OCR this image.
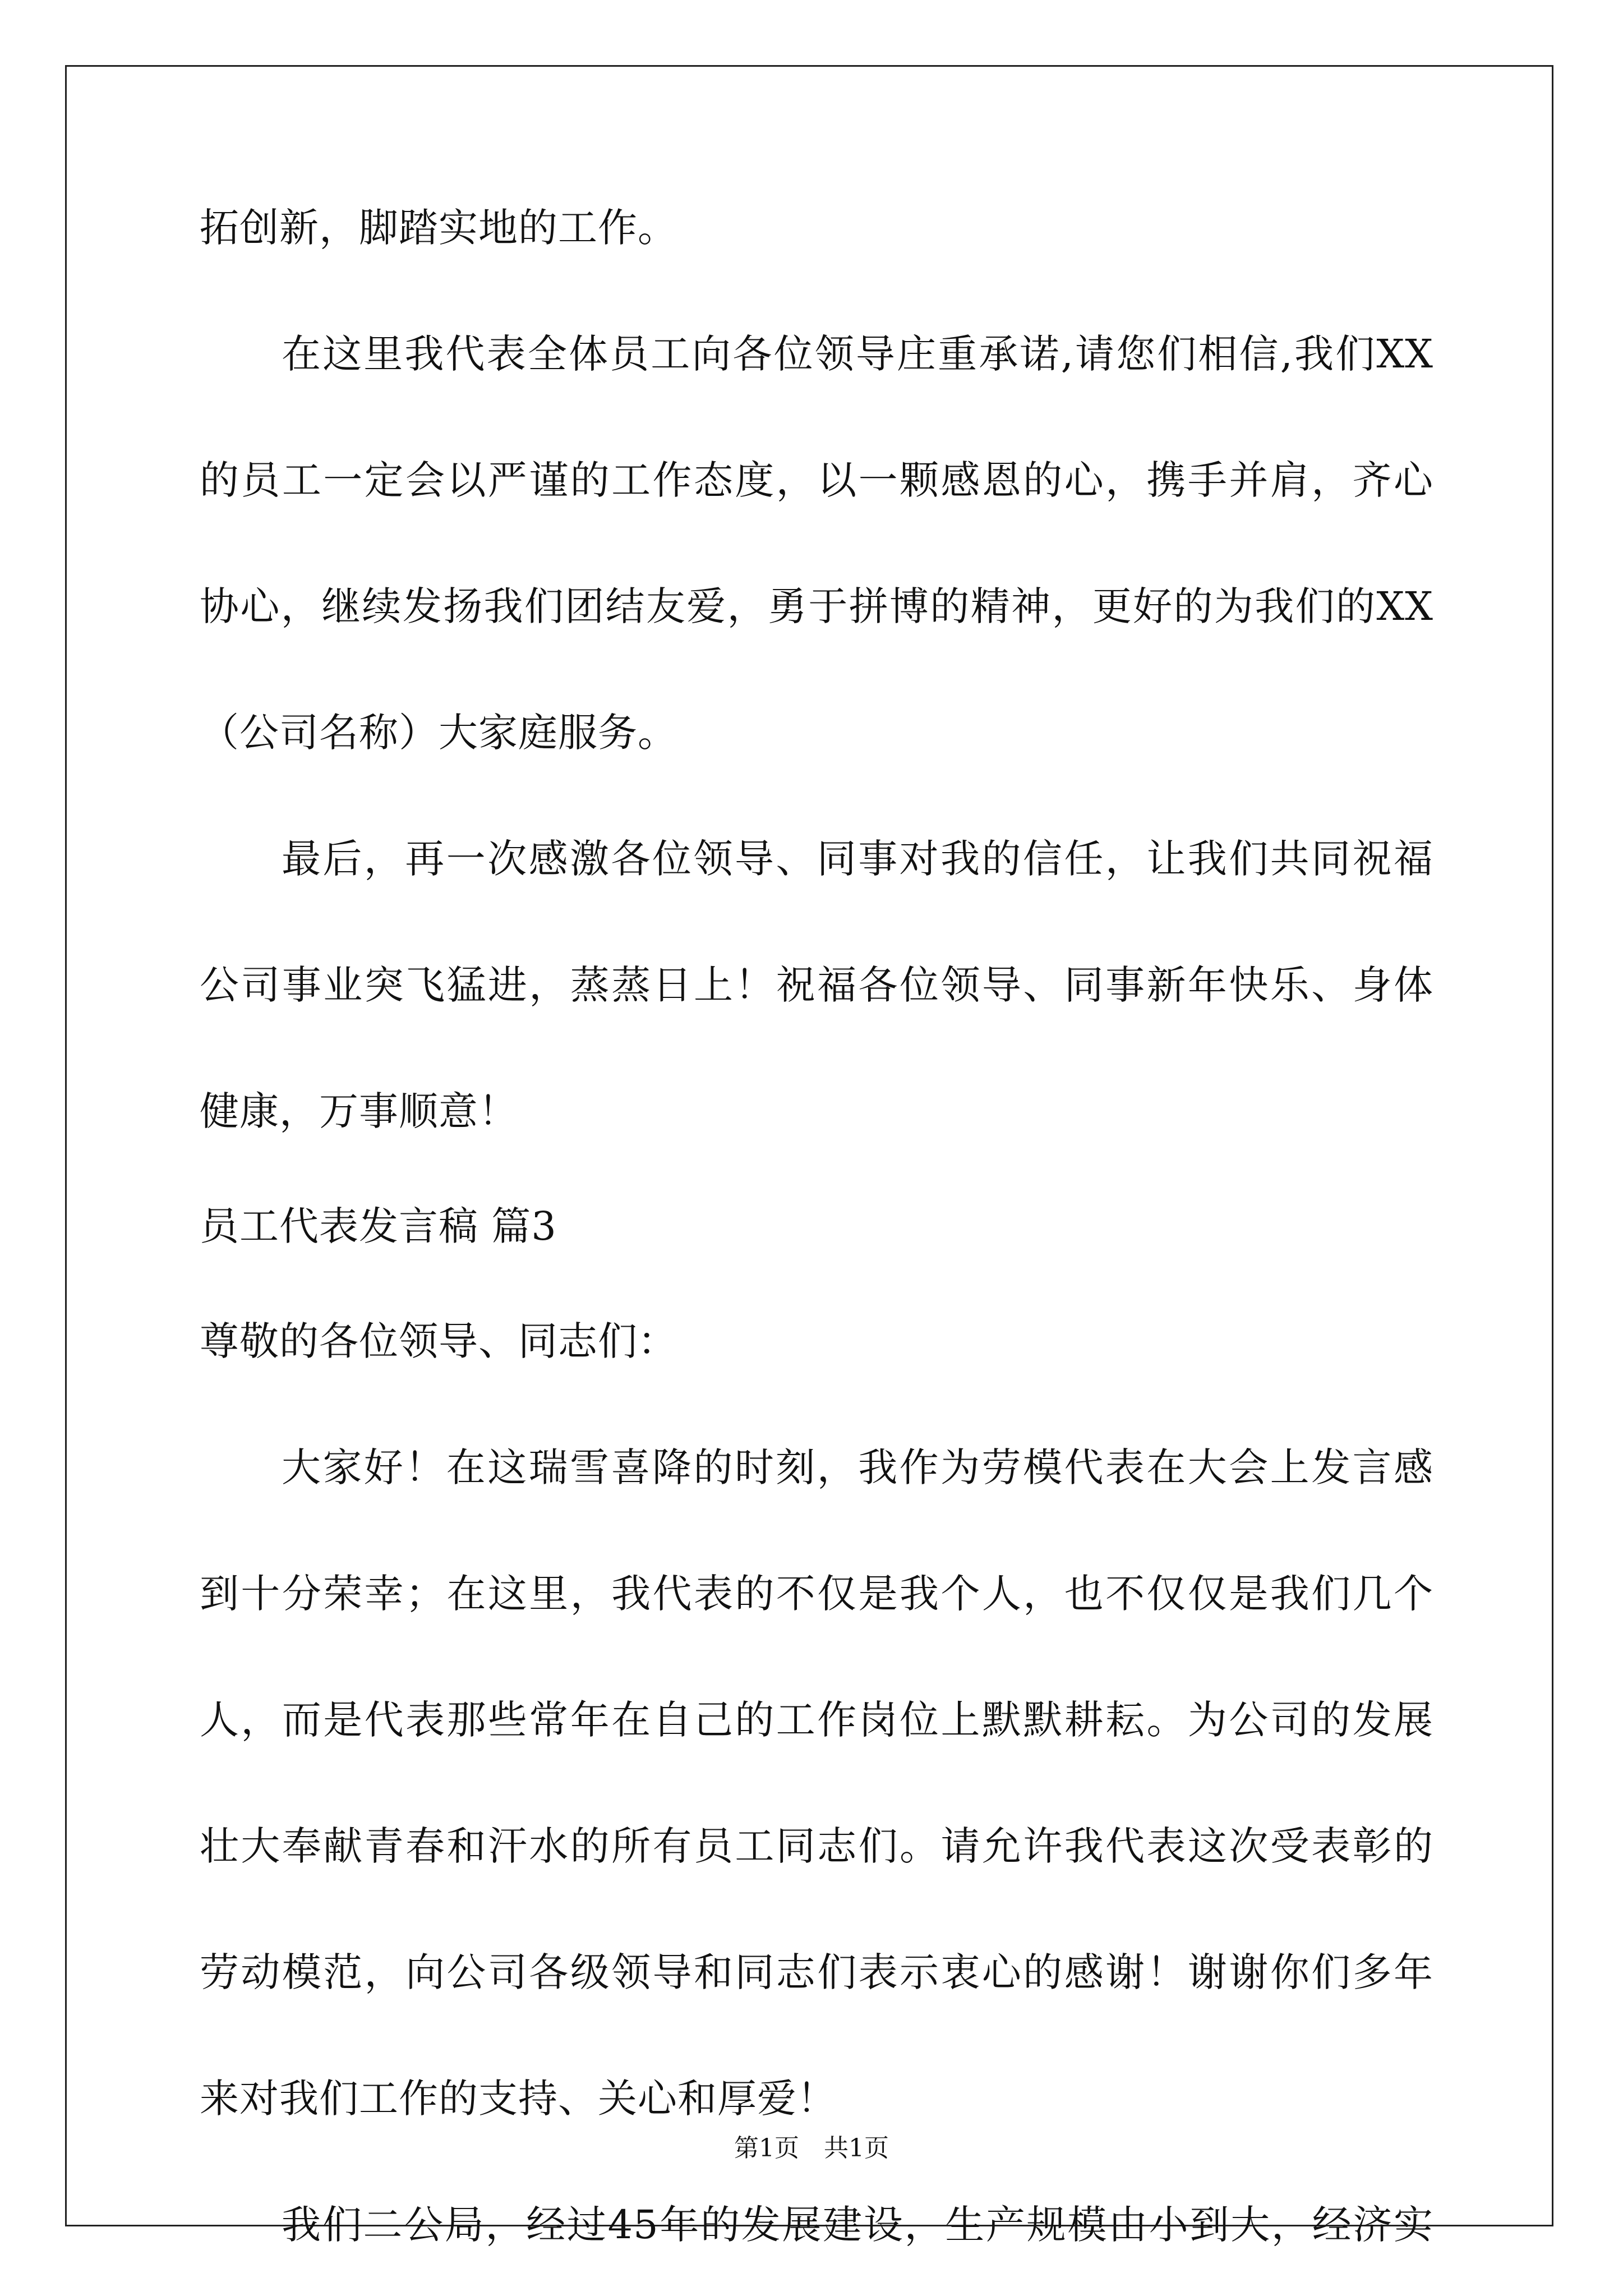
拓创新，脚踏实地的工作。
在这里我代表全体员工向各位领导庄重承诺,请您们相信,我们XX
的员工一定会以严谨的工作态度，以一颗感恩的心，携手并肩，齐心
协心，继续发扬我们团结友爱，勇于拼博的精神，更好的为我们的XX
（公司名称）大家庭服务。
最后，再一次感激各位领导、同事对我的信任，让我们共同祝福
公司事业突飞猛进，蒸蒸日上！祝福各位领导、同事新年快乐、身体
健康，万事顺意！
员工代表发言稿 篇3
尊敬的各位领导、同志们：
大家好！在这瑞雪喜降的时刻，我作为劳模代表在大会上发言感
到十分荣幸；在这里，我代表的不仅是我个人，也不仅仅是我们几个
人，而是代表那些常年在自己的工作岗位上默默耕耘。为公司的发展
壮大奉献青春和汗水的所有员工同志们。请允许我代表这次受表彰的
劳动模范，向公司各级领导和同志们表示衷心的感谢！谢谢你们多年
来对我们工作的支持、关心和厚爱！
我们二公局，经过45年的发展建设，生产规模由小到大，经济实
第1页　共1页
